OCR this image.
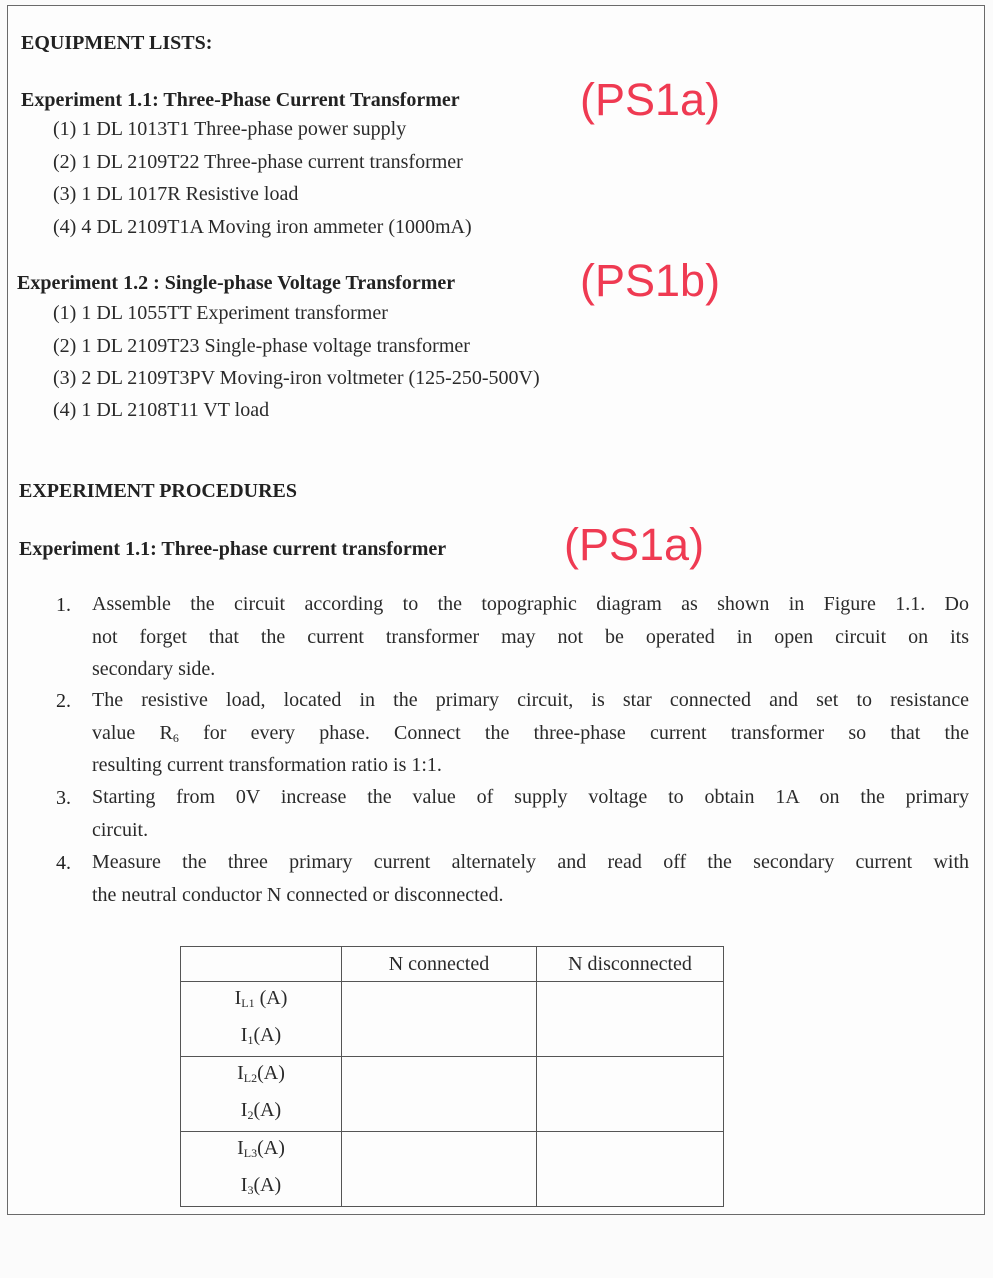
EQUIPMENT LISTS:
Experiment 1.1: Three-Phase Current Transformer	(PS1a)
(1) 1 DL 1013T1 Three-phase power supply
(2) 1 DL 2109T22 Three-phase current transformer
(3) 1 DL 1017R Resistive load
(4) 4 DL 2109T1A Moving iron ammeter (1000mA)
Experiment 1.2 : Single-phase Voltage Transformer	(PS1b)
(1) 1 DL 1055TT Experiment transformer
(2) 1 DL 2109T23 Single-phase voltage transformer
(3) 2 DL 2109T3PV Moving-iron voltmeter (125-250-500V)
(4) 1 DL 2108T11 VT load
EXPERIMENT PROCEDURES
Experiment 1.1: Three-phase current transformer	(PS1a)
1. Assemble the circuit according to the topographic diagram as shown in Figure 1.1. Do
not forget that the current transformer may not be operated in open circuit on its
secondary side.
2. The resistive load, located in the primary circuit, is star connected and set to resistance
value $R_6$ for every phase. Connect the three-phase current transformer so that the
resulting current transformation ratio is 1:1.
3. Starting from 0V increase the value of supply voltage to obtain 1A on the primary
circuit.
4. Measure the three primary current alternately and read off the secondary current with
the neutral conductor N connected or disconnected.
	N connected	N disconnected

$I_{L1}$ (A)
$I_1(A)$		

$I_{L2}(A)$
$I_2(A)$		

$I_{L3}(A)$
$I_3(A)$		
